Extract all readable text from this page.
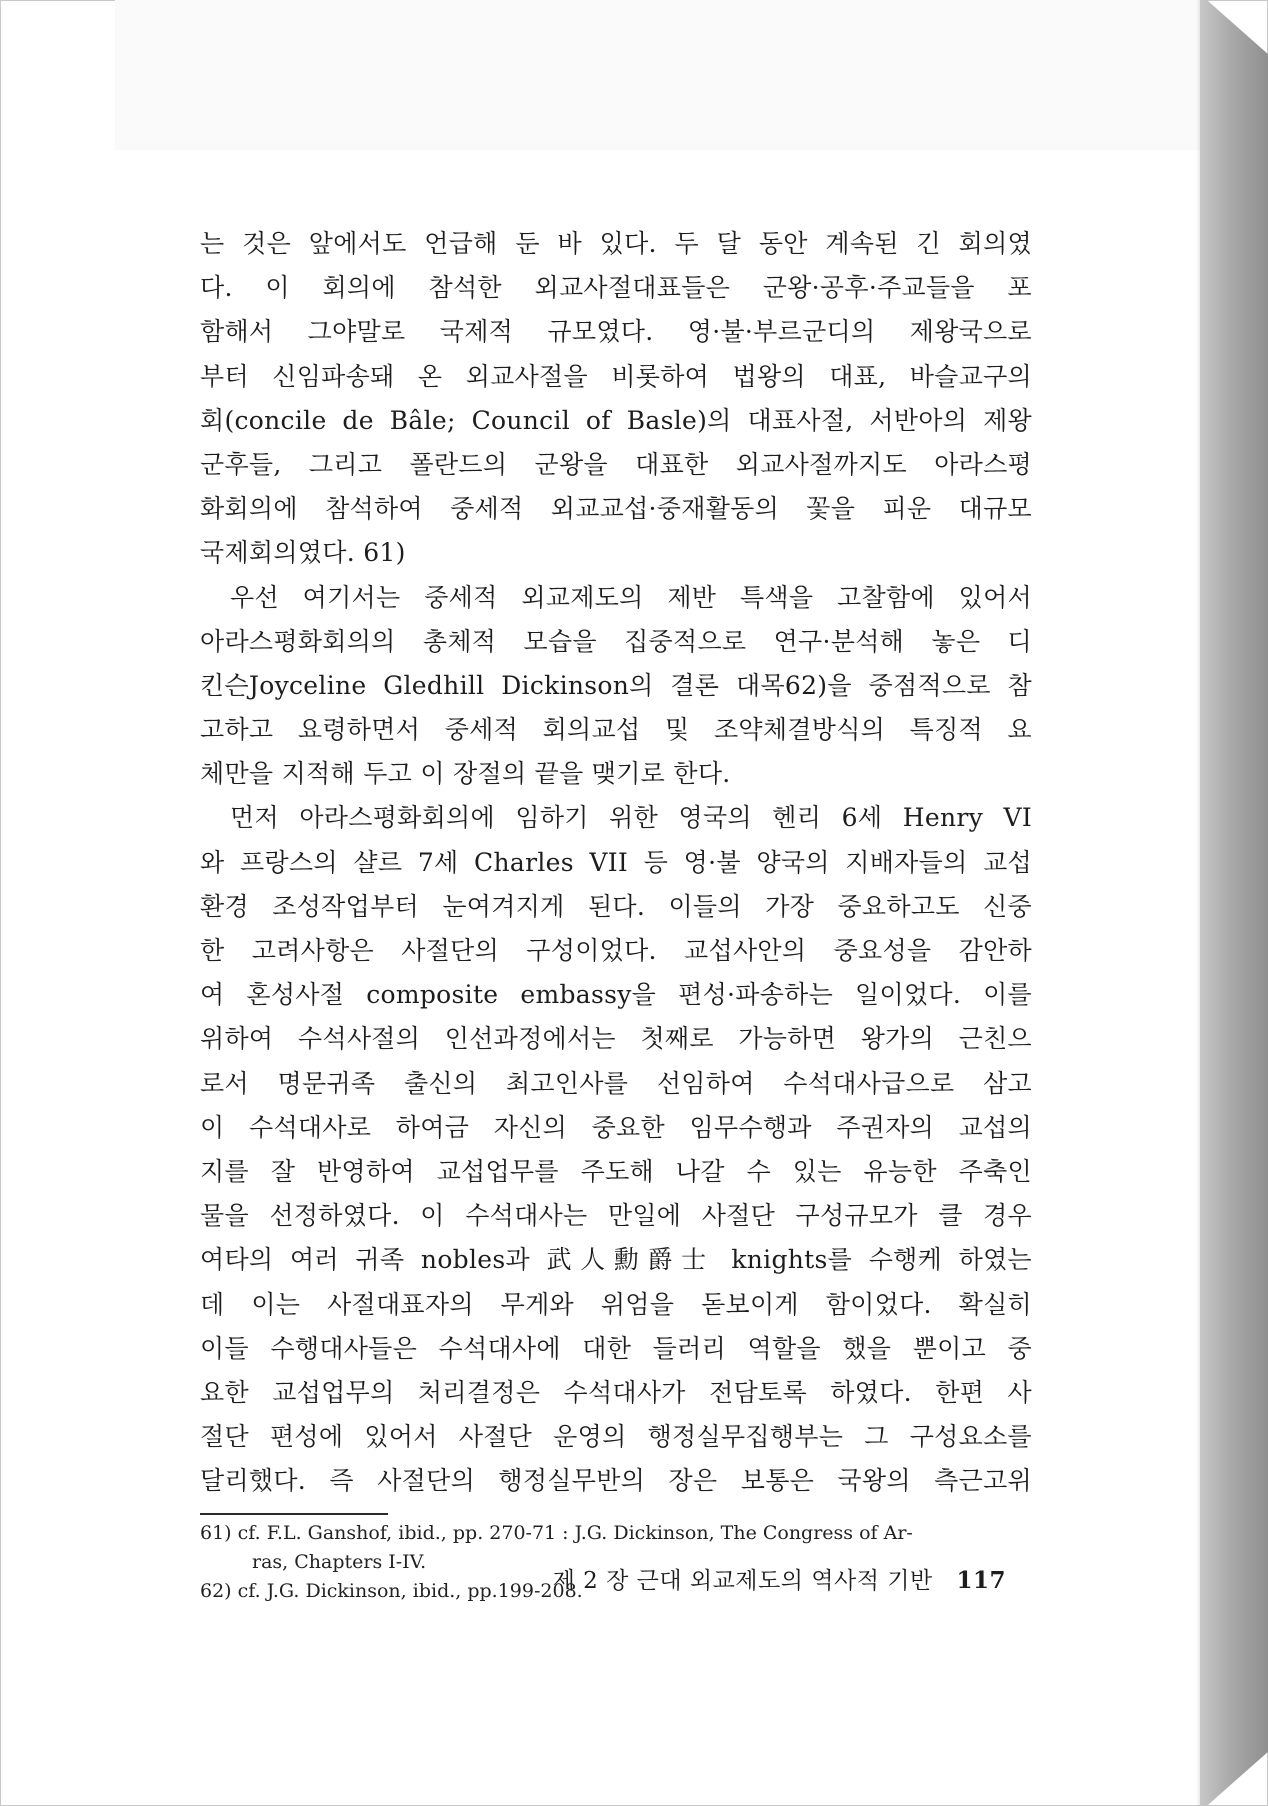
는 것은 앞에서도 언급해 둔 바 있다. 두 달 동안 계속된 긴 회의였
다. 이 회의에 참석한 외교사절대표들은 군왕·공후·주교들을 포
함해서 그야말로 국제적 규모였다. 영·불·부르군디의 제왕국으로
부터 신임파송돼 온 외교사절을 비롯하여 법왕의 대표, 바슬교구의
회(concile de Bâle; Council of Basle)의 대표사절, 서반아의 제왕
군후들, 그리고 폴란드의 군왕을 대표한 외교사절까지도 아라스평
화회의에 참석하여 중세적 외교교섭·중재활동의 꽃을 피운 대규모
국제회의였다. 61)
우선 여기서는 중세적 외교제도의 제반 특색을 고찰함에 있어서
아라스평화회의의 총체적 모습을 집중적으로 연구·분석해 놓은 디
킨슨Joyceline Gledhill Dickinson의 결론 대목62)을 중점적으로 참
고하고 요령하면서 중세적 회의교섭 및 조약체결방식의 특징적 요
체만을 지적해 두고 이 장절의 끝을 맺기로 한다.
먼저 아라스평화회의에 임하기 위한 영국의 헨리 6세 Henry VI
와 프랑스의 샬르 7세 Charles VII 등 영·불 양국의 지배자들의 교섭
환경 조성작업부터 눈여겨지게 된다. 이들의 가장 중요하고도 신중
한 고려사항은 사절단의 구성이었다. 교섭사안의 중요성을 감안하
여 혼성사절 composite embassy을 편성·파송하는 일이었다. 이를
위하여 수석사절의 인선과정에서는 첫째로 가능하면 왕가의 근친으
로서 명문귀족 출신의 최고인사를 선임하여 수석대사급으로 삼고
이 수석대사로 하여금 자신의 중요한 임무수행과 주권자의 교섭의
지를 잘 반영하여 교섭업무를 주도해 나갈 수 있는 유능한 주축인
물을 선정하였다. 이 수석대사는 만일에 사절단 구성규모가 클 경우
여타의 여러 귀족 nobles과 武人勳爵士 knights를 수행케 하였는
데 이는 사절대표자의 무게와 위엄을 돋보이게 함이었다. 확실히
이들 수행대사들은 수석대사에 대한 들러리 역할을 했을 뿐이고 중
요한 교섭업무의 처리결정은 수석대사가 전담토록 하였다. 한편 사
절단 편성에 있어서 사절단 운영의 행정실무집행부는 그 구성요소를
달리했다. 즉 사절단의 행정실무반의 장은 보통은 국왕의 측근고위
61) cf. F.L. Ganshof, ibid., pp. 270-71 : J.G. Dickinson, The Congress of Ar-
ras, Chapters I-IV.
62) cf. J.G. Dickinson, ibid., pp.199-208.
제 2 장 근대 외교제도의 역사적 기반 117
